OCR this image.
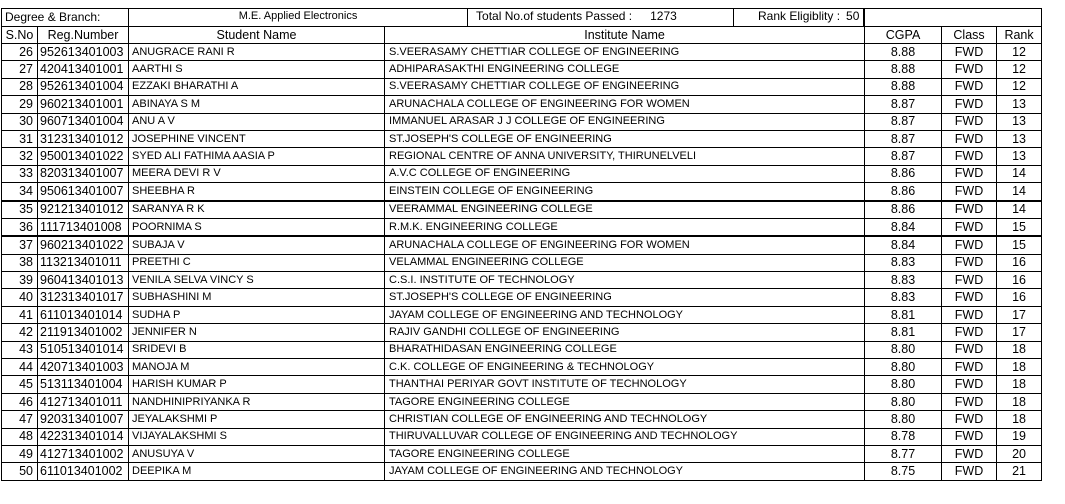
Degree & Branch:		M.E. Applied Electronics Total No.of students Passed : 1273 Rank Eligiblity : 50				

S.No	Reg.Number	Student Name	Institute Name	CGPA	Class	Rank
26	952613401003	ANUGRACE RANI R	S.VEERASAMY CHETTIAR COLLEGE OF ENGINEERING	8.88	FWD	12
27	420413401001	AARTHI S	ADHIPARASAKTHI ENGINEERING COLLEGE	8.88	FWD	12
28	952613401004	EZZAKI BHARATHI A	S.VEERASAMY CHETTIAR COLLEGE OF ENGINEERING	8.88	FWD	12
29	960213401001	ABINAYA S M	ARUNACHALA COLLEGE OF ENGINEERING FOR WOMEN	8.87	FWD	13
30	960713401004	ANU A V	IMMANUEL ARASAR J J COLLEGE OF ENGINEERING	8.87	FWD	13
31	312313401012	JOSEPHINE VINCENT	ST.JOSEPH'S COLLEGE OF ENGINEERING	8.87	FWD	13
32	950013401022	SYED ALI FATHIMA AASIA P	REGIONAL CENTRE OF ANNA UNIVERSITY, THIRUNELVELI	8.87	FWD	13
33	820313401007	MEERA DEVI R V	A.V.C COLLEGE OF ENGINEERING	8.86	FWD	14
34	950613401007	SHEEBHA R	EINSTEIN COLLEGE OF ENGINEERING	8.86	FWD	14
35	921213401012	SARANYA R K	VEERAMMAL ENGINEERING COLLEGE	8.86	FWD	14
36	111713401008	POORNIMA S	R.M.K. ENGINEERING COLLEGE	8.84	FWD	15
37	960213401022	SUBAJA V	ARUNACHALA COLLEGE OF ENGINEERING FOR WOMEN	8.84	FWD	15
38	113213401011	PREETHI C	VELAMMAL ENGINEERING COLLEGE	8.83	FWD	16
39	960413401013	VENILA SELVA VINCY S	C.S.I. INSTITUTE OF TECHNOLOGY	8.83	FWD	16
40	312313401017	SUBHASHINI M	ST.JOSEPH'S COLLEGE OF ENGINEERING	8.83	FWD	16
41	611013401014	SUDHA P	JAYAM COLLEGE OF ENGINEERING AND TECHNOLOGY	8.81	FWD	17
42	211913401002	JENNIFER N	RAJIV GANDHI COLLEGE OF ENGINEERING	8.81	FWD	17
43	510513401014	SRIDEVI B	BHARATHIDASAN ENGINEERING COLLEGE	8.80	FWD	18
44	420713401003	MANOJA M	C.K. COLLEGE OF ENGINEERING & TECHNOLOGY	8.80	FWD	18
45	513113401004	HARISH KUMAR P	THANTHAI PERIYAR GOVT INSTITUTE OF TECHNOLOGY	8.80	FWD	18
46	412713401011	NANDHINIPRIYANKA R	TAGORE ENGINEERING COLLEGE	8.80	FWD	18
47	920313401007	JEYALAKSHMI P	CHRISTIAN COLLEGE OF ENGINEERING AND TECHNOLOGY	8.80	FWD	18
48	422313401014	VIJAYALAKSHMI S	THIRUVALLUVAR COLLEGE OF ENGINEERING AND TECHNOLOGY	8.78	FWD	19
49	412713401002	ANUSUYA V	TAGORE ENGINEERING COLLEGE	8.77	FWD	20
50	611013401002	DEEPIKA M	JAYAM COLLEGE OF ENGINEERING AND TECHNOLOGY	8.75	FWD	21
